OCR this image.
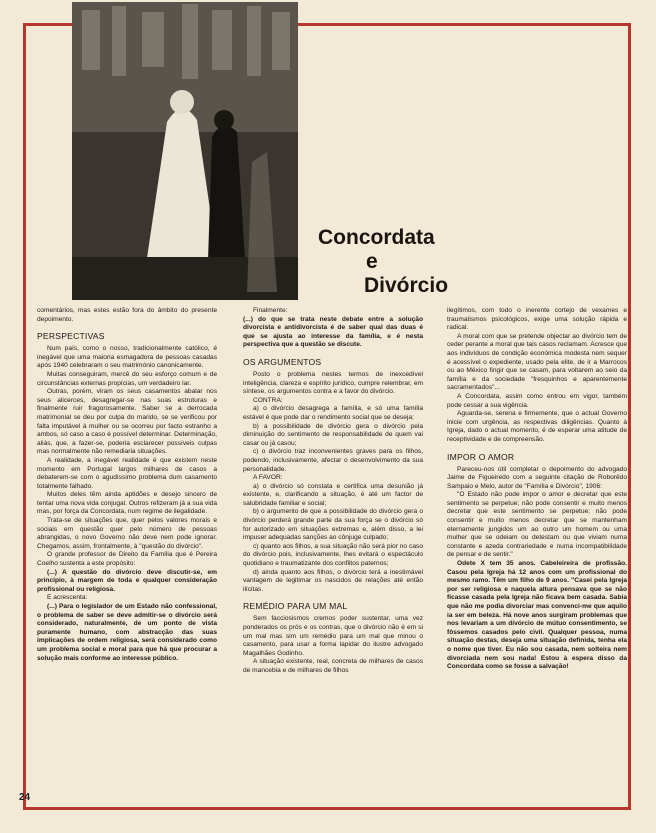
Concordata
e
Divórcio

comentários, mas estes estão fora do âmbito do presente depoimento.

PERSPECTIVAS

Num país, como o nosso, tradicionalmente católico, é inegável que uma maioria esmagadora de pessoas casadas após 1940 celebraram o seu matrimónio canonicamente.

Muitas conseguiram, mercê do seu esforço comum e de circunstâncias externas propícias, um verdadeiro lar.

Outras, porém, viram os seus casamentos abalar nos seus alicerces, desagregar-se nas suas estruturas e finalmente ruir fragorosamente. Saber se a derrocada matrimonial se deu por culpa do marido, se se verificou por falta imputável à mulher ou se ocorreu por facto estranho a ambos, só caso a caso é possível determinar. Determinação, aliás, que, a fazer-se, poderia esclarecer possíveis culpas mas normalmente não remediaria situações.

A realidade, a inegável realidade é que existem neste momento em Portugal largos milhares de casos a debaterem-se com o agudíssimo problema dum casamento totalmente falhado.

Muitos deles têm ainda aptidões e desejo sincero de tentar uma nova vida conjugal. Outros refizeram já a sua vida mas, por força da Concordata, num regime de ilegalidade.

Trata-se de situações que, quer pelos valores morais e sociais em questão quer pelo número de pessoas abrangidas, o novo Governo não deve nem pode ignorar. Chegamos, assim, frontalmente, à "questão do divórcio".

O grande professor de Direito da Família que é Pereira Coelho sustenta a este propósito:

(...) A questão do divórcio deve discutir-se, em princípio, à margem de toda e qualquer consideração profissional ou religiosa.

E acrescenta:

(...) Para o legislador de um Estado não confessional, o problema de saber se deve admitir-se o divórcio será considerado, naturalmente, de um ponto de vista puramente humano, com abstracção das suas implicações de ordem religiosa, será considerado como um problema social e moral para que há que procurar a solução mais conforme ao interesse público.

Finalmente:

(...) do que se trata neste debate entre a solução divorcista e antidivorcista é de saber qual das duas é que se ajusta ao interesse da família, e é nesta perspectiva que a questão se discute.

OS ARGUMENTOS

Posto o problema nestes termos de inexcedível inteligência, clareza e espírito jurídico, cumpre relembrar, em síntese, os argumentos contra e a favor do divórcio.

CONTRA:

a) o divórcio desagrega a família, e só uma família estável é que pode dar o rendimento social que se deseja;

b) a possibilidade de divórcio gera o divórcio pela diminuição do sentimento de responsabilidade de quem vai casar ou já casou;

c) o divórcio traz inconvenientes graves para os filhos, podendo, inclusivamente, afectar o desenvolvimento da sua personalidade.

A FAVOR:

a) o divórcio só constata e certifica uma desunião já existente, e, clarificando a situação, é até um factor de salubridade familiar e social;

b) o argumento de que a possibilidade do divórcio gera o divórcio perderá grande parte da sua força se o divórcio só for autorizado em situações extremas e, além disso, a lei impuser adequadas sanções ao cônjuge culpado;

c) quanto aos filhos, a sua situação não será pior no caso do divórcio pois, inclusivamente, lhes evitará o espectáculo quotidiano e traumatizante dos conflitos paternos;

d) ainda quanto aos filhos, o divórcio terá a inestimável vantagem de legitimar os nascidos de relações até então ilícitas.

REMÉDIO PARA UM MAL

Sem facciosismos cremos poder sustentar, uma vez ponderados os prós e os contras, que o divórcio não é em si um mal mas sim um remédio para um mal que minou o casamento, para usar a forma lapidar do ilustre advogado Magalhães Godinho.

A situação existente, real, concreta de milhares de casos de mancebia e de milhares de filhos

ilegítimos, com todo o inerente cortejo de vexames e traumatismos psicológicos, exige uma solução rápida e radical.

A moral com que se pretende objectar ao divórcio tem de ceder perante a moral que tais casos reclamam. Acresce que aos indivíduos de condição económica modesta nem sequer é acessível o expediente, usado pela elite, de ir a Marrocos ou ao México fingir que se casam, para voltarem ao seio da família e da sociedade "fresquinhos e aparentemente sacramentados"...

A Concordata, assim como entrou em vigor, também pode cessar a sua vigência.

Aguarda-se, serena e firmemente, que o actual Governo inicie com urgência, as respectivas diligências. Quanto à Igreja, dado o actual momento, é de esperar uma atitude de receptividade e de compreensão.

IMPOR O AMOR

Pareceu-nos útil completar o depoimento do advogado Jaime de Figueiredo com a seguinte citação de Roborêdo Sampaio e Melo, autor de "Família e Divórcio", 1906:

"O Estado não pode impor o amor e decretar que este sentimento se perpetue; não pode consentir e muito menos decretar que este sentimento se perpetue; não pode consentir e muito menos decretar que se mantenham eternamente jungidos um ao outro um homem ou uma mulher que se odeiam ou detestam ou que viviam numa constante e azeda contrariedade e numa incompatibilidade de pensar e de sentir."

Odete X tem 35 anos. Cabeleireira de profissão. Casou pela Igreja há 12 anos com um profissional do mesmo ramo. Têm um filho de 9 anos. "Casei pela Igreja por ser religiosa e naquela altura pensava que se não ficasse casada pela Igreja não ficava bem casada. Sabia que não me podia divorciar mas convenci-me que aquilo ia ser em beleza. Há nove anos surgiram problemas que nos levariam a um divórcio de mútuo consentimento, se fôssemos casados pelo civil. Qualquer pessoa, numa situação destas, deseja uma situação definida, tenha ela o nome que tiver. Eu não sou casada, nem solteira nem divorciada nem sou nada! Estou à espera disso da Concordata como se fosse a salvação!

24
